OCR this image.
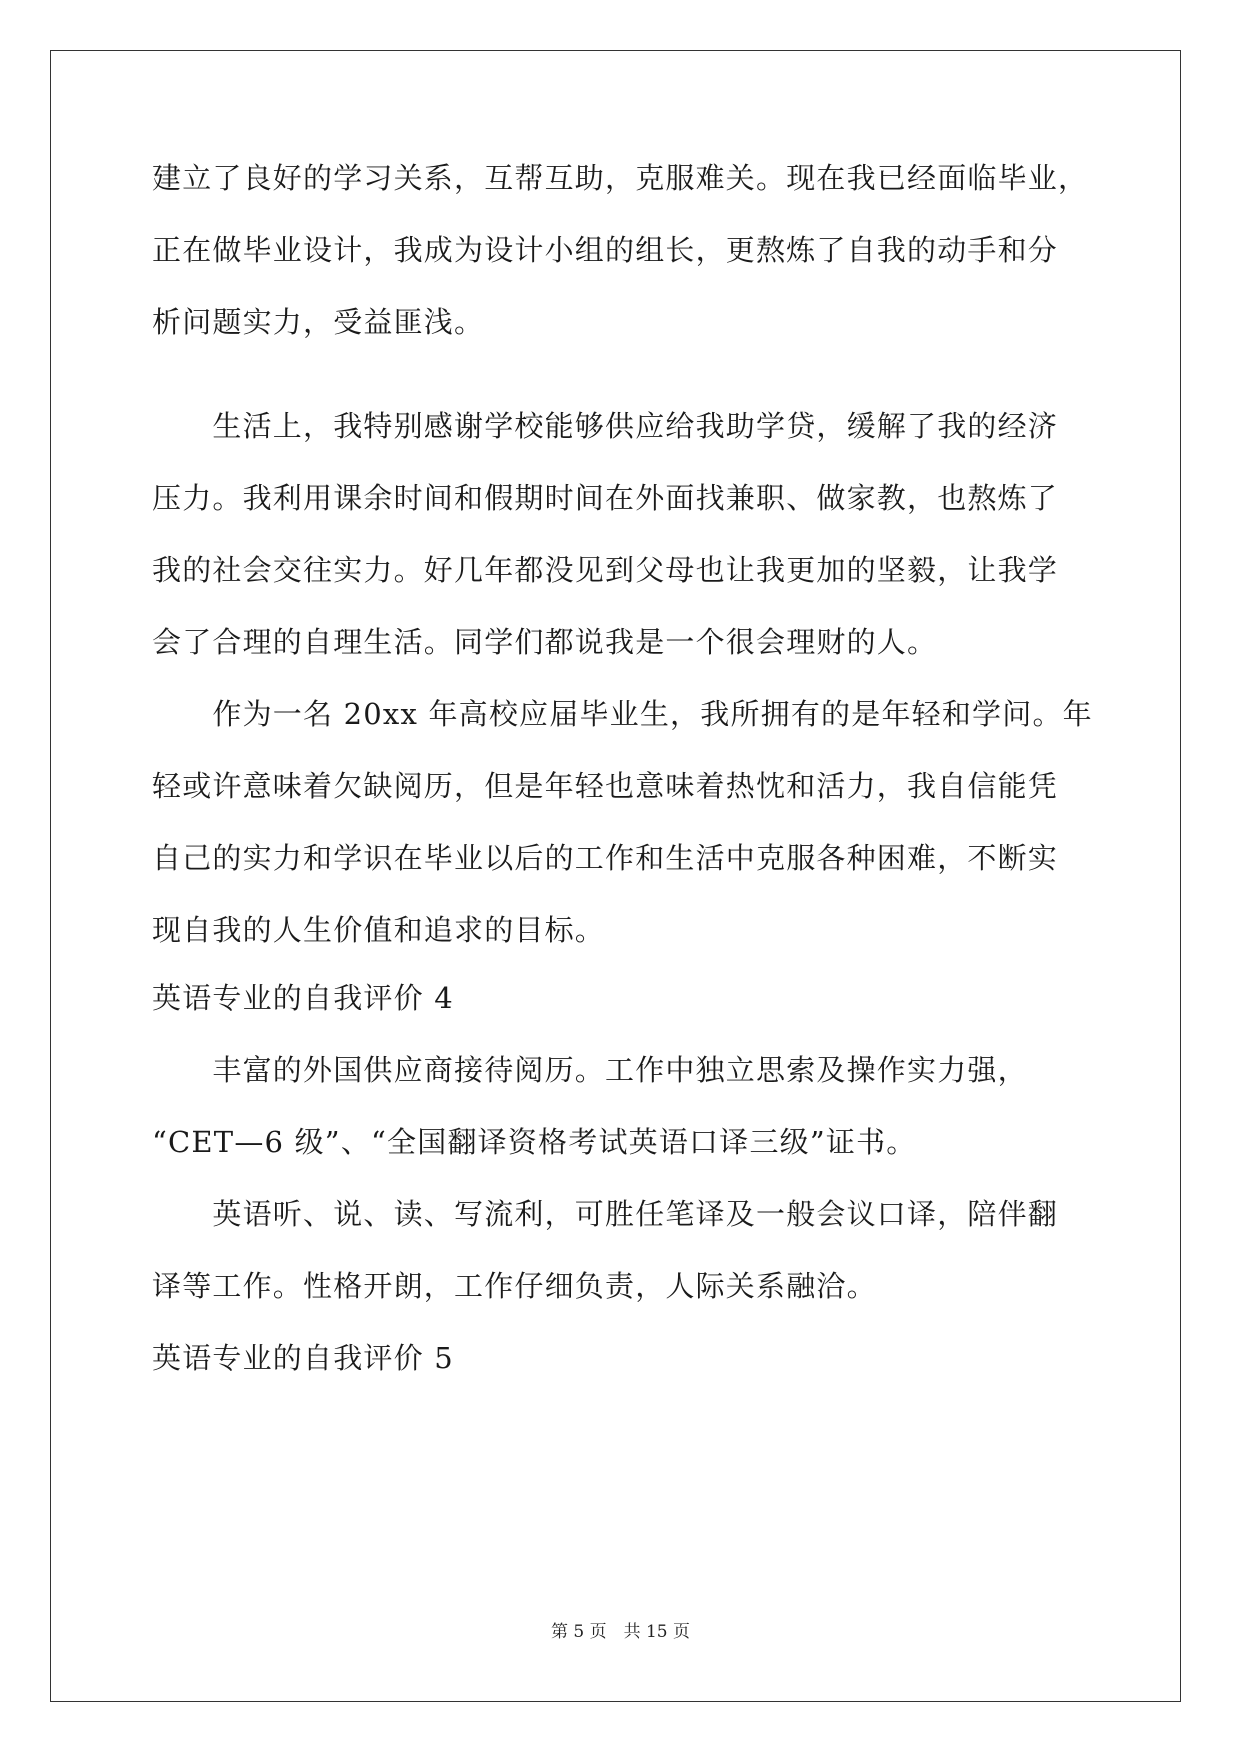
建立了良好的学习关系，互帮互助，克服难关。现在我已经面临毕业，
正在做毕业设计，我成为设计小组的组长，更熬炼了自我的动手和分
析问题实力，受益匪浅。
　　生活上，我特别感谢学校能够供应给我助学贷，缓解了我的经济
压力。我利用课余时间和假期时间在外面找兼职、做家教，也熬炼了
我的社会交往实力。好几年都没见到父母也让我更加的坚毅，让我学
会了合理的自理生活。同学们都说我是一个很会理财的人。
　　作为一名 20xx 年高校应届毕业生，我所拥有的是年轻和学问。年
轻或许意味着欠缺阅历，但是年轻也意味着热忱和活力，我自信能凭
自己的实力和学识在毕业以后的工作和生活中克服各种困难，不断实
现自我的人生价值和追求的目标。
英语专业的自我评价 4
　　丰富的外国供应商接待阅历。工作中独立思索及操作实力强，
“CET—6 级”、“全国翻译资格考试英语口译三级”证书。
　　英语听、说、读、写流利，可胜任笔译及一般会议口译，陪伴翻
译等工作。性格开朗，工作仔细负责，人际关系融洽。
英语专业的自我评价 5
第 5 页　共 15 页
